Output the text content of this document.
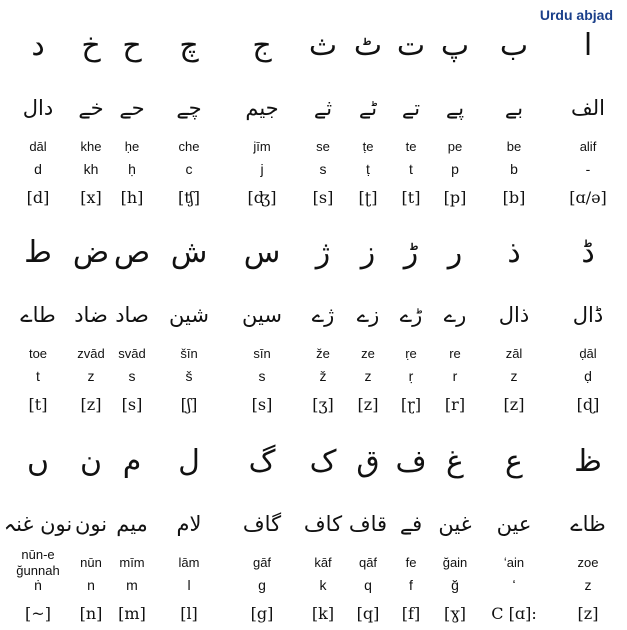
Urdu abjad
ا
ب
پ
ت
ٹ
ث
ج
چ
ح
خ
د
الف
بے
پے
تے
ٹے
ثے
جیم
چے
حے
خے
دال
alif
be
pe
te
ṭe
se
jīm
che
ḥe
khe
dāl
-
b
p
t
ṭ
s
j
c
ḥ
kh
d
[ɑ/ə]
[b]
[p]
[t]
[ʈ]
[s]
[ʤ]
[ʧ]
[h]
[x]
[d]
ڈ
ذ
ر
ڑ
ز
ژ
س
ش
ص
ض
ط
ڈال
ذال
رے
ڑے
زے
ژے
سین
شین
صاد
ضاد
طاے
ḍāl
zāl
re
ṛe
ze
že
sīn
šīn
svād
zvād
toe
ḍ
z
r
ṛ
z
ž
s
š
s
z
t
[ɖ]
[z]
[r]
[ɽ]
[z]
[ʒ]
[s]
[ʃ]
[s]
[z]
[t]
ظ
ع
غ
ف
ق
ک
گ
ل
م
ن
ں
ظاے
عین
غین
فے
قاف
کاف
گاف
لام
میم
نون
نون غنہ
zoe
ʻain
ğain
fe
qāf
kāf
gāf
lām
mīm
nūn
nūn-e ğunnah
z
ʻ
ğ
f
q
k
g
l
m
n
ṅ
[z]
C [ɑ]:
[ɣ]
[f]
[q]
[k]
[g]
[l]
[m]
[n]
[~]
